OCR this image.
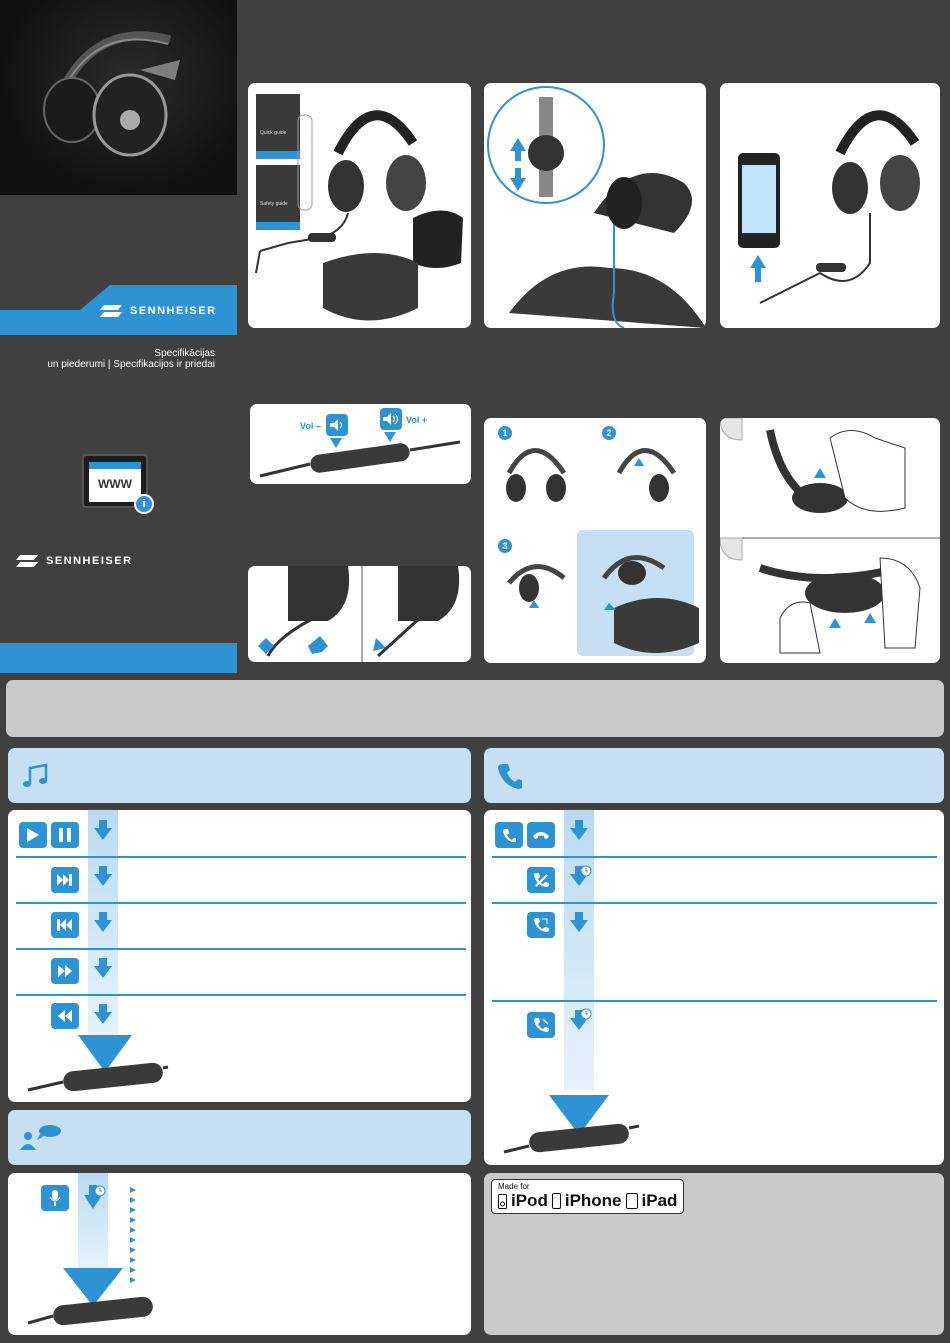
SENNHEISER
Specifikācijas
un piederumi | Specifikacijos ir priedai
WWW
i
SENNHEISER
Quick guide
Safety guide
Vol –
Vol +
1	2
3
Made for
iPod iPhone iPad
